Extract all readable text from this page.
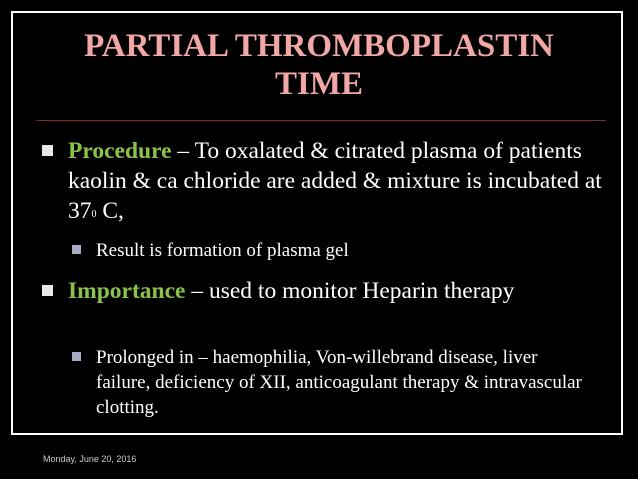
PARTIAL THROMBOPLASTIN
TIME
Procedure – To oxalated & citrated plasma of patients kaolin & ca chloride are added & mixture is incubated at $37^0$ C,
Result is formation of plasma gel
Importance – used to monitor Heparin therapy
Prolonged in – haemophilia, Von-willebrand disease, liver failure, deficiency of XII, anticoagulant therapy & intravascular clotting.
Monday, June 20, 2016
